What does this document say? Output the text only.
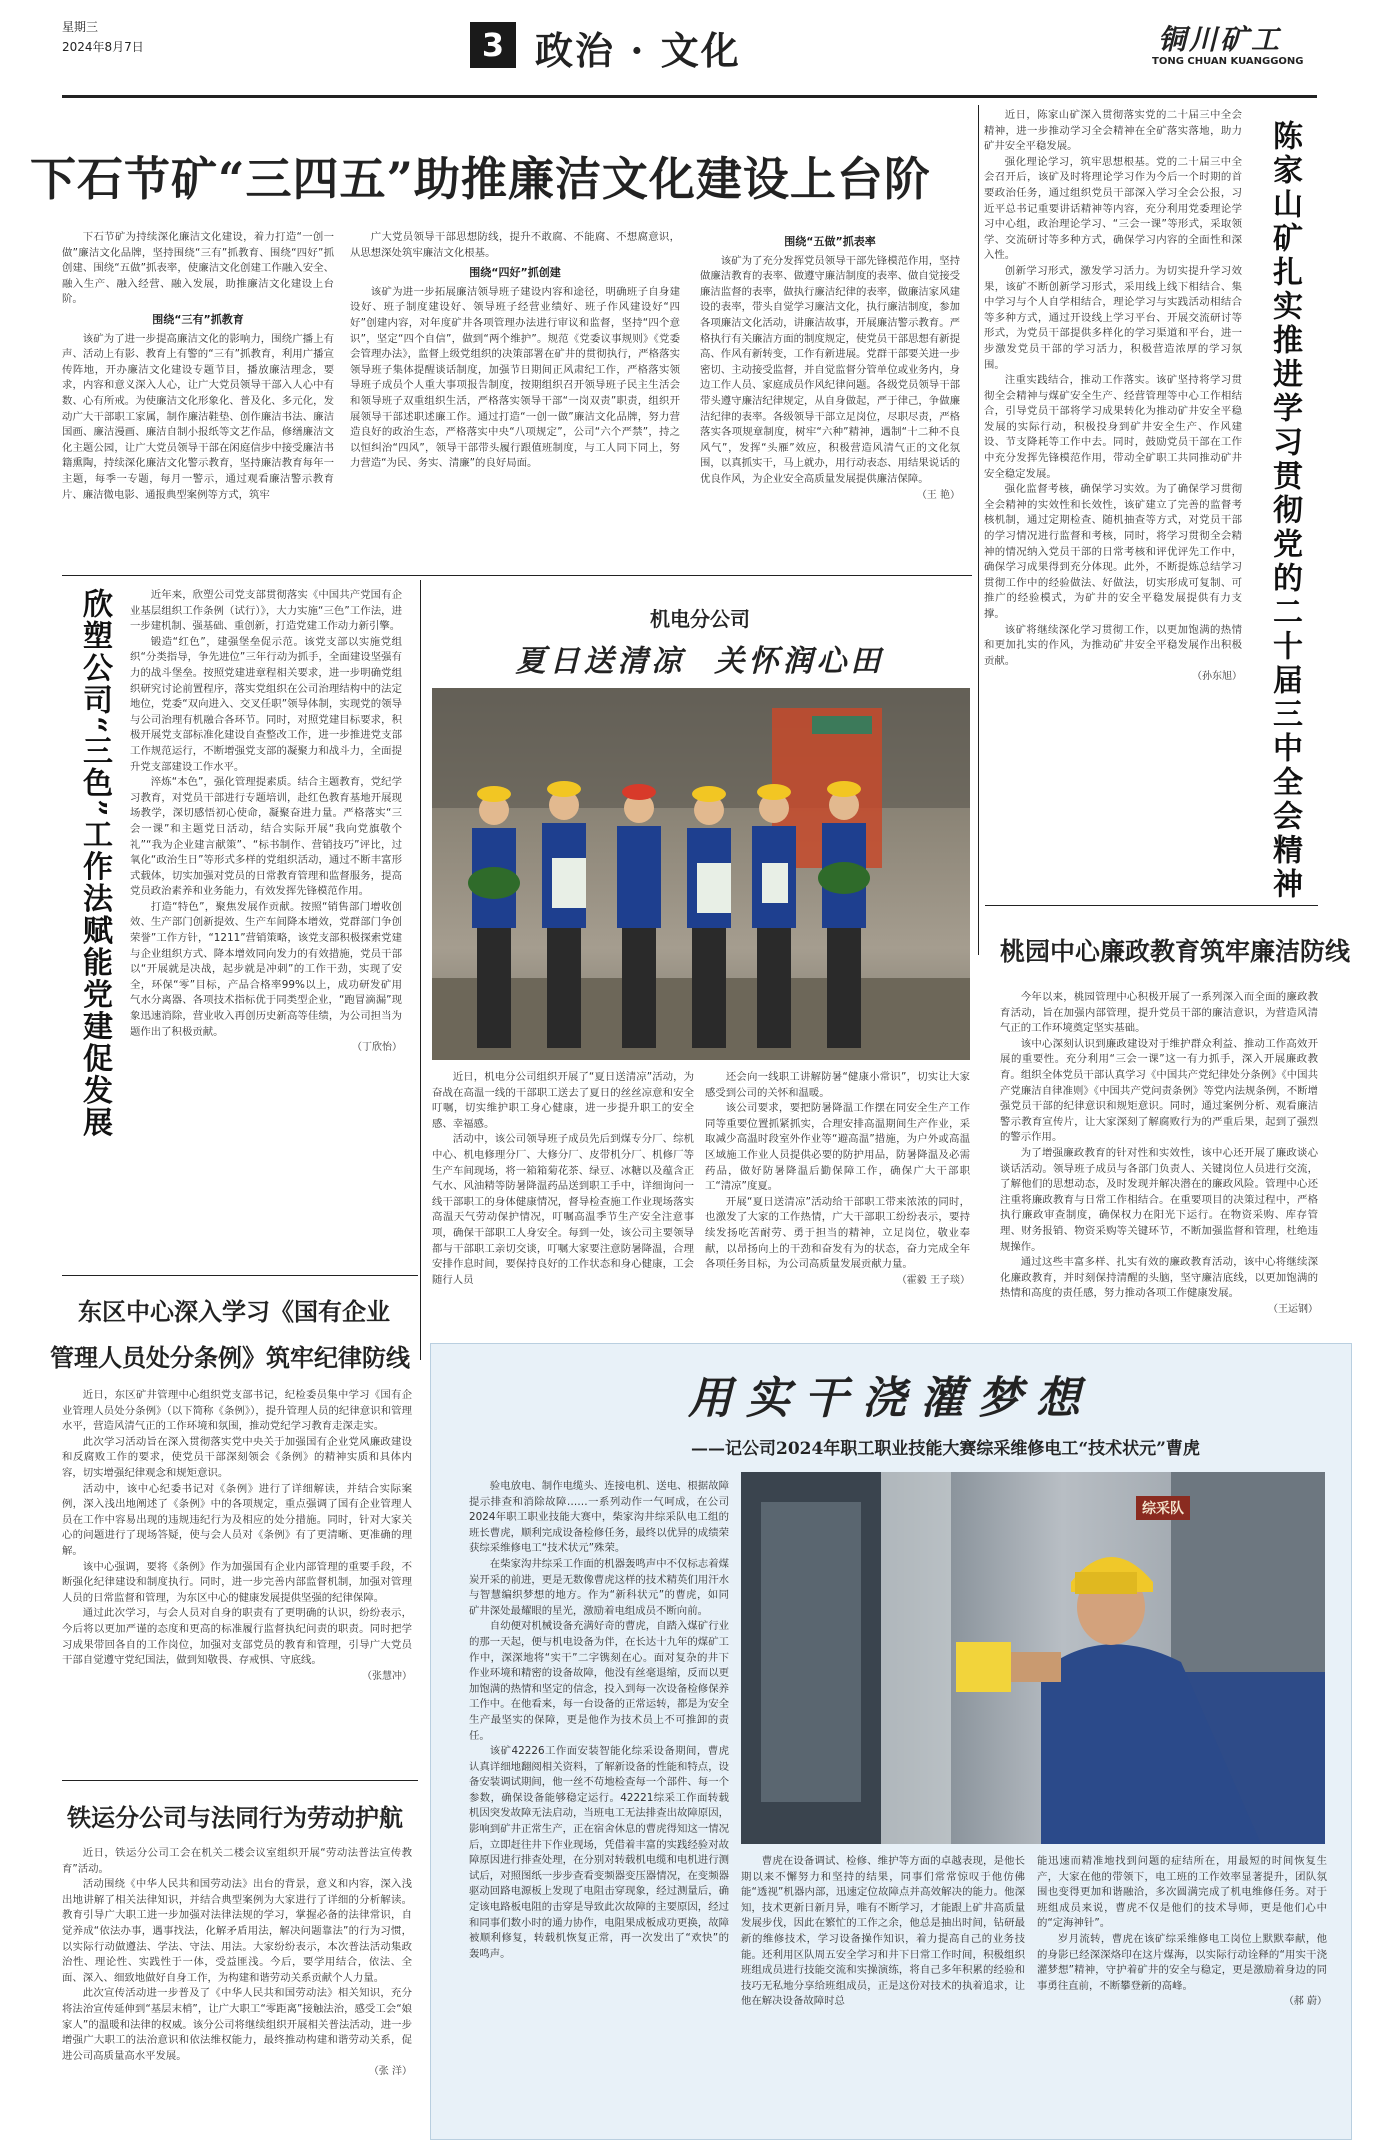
星期三
2024年8月7日	3 政治 · 文化	铜川矿工
TONG CHUAN KUANGGONG
下石节矿“三四五”助推廉洁文化建设上台阶

下石节矿为持续深化廉洁文化建设，着力打造“一创一做”廉洁文化品牌，坚持围绕“三有”抓教育、围绕“四好”抓创建、围绕“五做”抓表率，使廉洁文化创建工作融入安全、融入生产、融入经营、融入发展，助推廉洁文化建设上台阶。

围绕“三有”抓教育

该矿为了进一步提高廉洁文化的影响力，围绕广播上有声、活动上有影、教育上有警的“三有”抓教育，利用广播宣传阵地，开办廉洁文化建设专题节目，播放廉洁理念，要求，内容和意义深入人心，让广大党员领导干部入人心中有数、心有所戒。为使廉洁文化形象化、普及化、多元化，发动广大干部职工家属，制作廉洁鞋垫、创作廉洁书法、廉洁国画、廉洁漫画、廉洁自制小报纸等文艺作品，修缮廉洁文化主题公园，让广大党员领导干部在闲庭信步中接受廉洁书籍熏陶，持续深化廉洁文化警示教育，坚持廉洁教育每年一主题，每季一专题，每月一警示，通过观看廉洁警示教育片、廉洁微电影、通报典型案例等方式，筑牢

广大党员领导干部思想防线，提升不敢腐、不能腐、不想腐意识，从思想深处筑牢廉洁文化根基。

围绕“四好”抓创建

该矿为进一步拓展廉洁领导班子建设内容和途径，明确班子自身建设好、班子制度建设好、领导班子经营业绩好、班子作风建设好“四好”创建内容，对年度矿井各项管理办法进行审议和监督，坚持“四个意识”，坚定“四个自信”，做到“两个维护”。规范《党委议事规则》《党委会管理办法》，监督上级党组织的决策部署在矿井的贯彻执行，严格落实领导班子集体提醒谈话制度，加强节日期间正风肃纪工作，严格落实领导班子成员个人重大事项报告制度，按期组织召开领导班子民主生活会和领导班子双重组织生活，严格落实领导干部“一岗双责”职责，组织开展领导干部述职述廉工作。通过打造“一创一做”廉洁文化品牌，努力营造良好的政治生态，严格落实中央“八项规定”，公司“六个严禁”，持之以恒纠治“四风”，领导干部带头履行跟值班制度，与工人同下同上，努力营造“为民、务实、清廉”的良好局面。

围绕“五做”抓表率

该矿为了充分发挥党员领导干部先锋模范作用，坚持做廉洁教育的表率、做遵守廉洁制度的表率、做自觉接受廉洁监督的表率，做执行廉洁纪律的表率，做廉洁家风建设的表率，带头自觉学习廉洁文化，执行廉洁制度，参加各项廉洁文化活动，讲廉洁故事，开展廉洁警示教育。严格执行有关廉洁方面的制度规定，使党员干部思想有新提高、作风有新转变，工作有新进展。党群干部要关进一步密切、主动接受监督，并自觉监督分管单位或业务内，身边工作人员、家庭成员作风纪律问题。各级党员领导干部带头遵守廉洁纪律规定，从自身做起，严于律己，争做廉洁纪律的表率。各级领导干部立足岗位，尽职尽责，严格落实各项规章制度，树牢“六种”精神，遇制“十二种不良风气”，发挥“头雁”效应，积极营造风清气正的文化氛围，以真抓实干，马上就办，用行动表态、用结果说话的优良作风，为企业安全高质量发展提供廉洁保障。

（王 艳）

近日，陈家山矿深入贯彻落实党的二十届三中全会精神，进一步推动学习全会精神在全矿落实落地，助力矿井安全平稳发展。

强化理论学习，筑牢思想根基。党的二十届三中全会召开后，该矿及时将理论学习作为今后一个时期的首要政治任务，通过组织党员干部深入学习全会公报，习近平总书记重要讲话精神等内容，充分利用党委理论学习中心组，政治理论学习、“三会一课”等形式，采取领学、交流研讨等多种方式，确保学习内容的全面性和深入性。

创新学习形式，激发学习活力。为切实提升学习效果，该矿不断创新学习形式，采用线上线下相结合、集中学习与个人自学相结合，理论学习与实践活动相结合等多种方式，通过开设线上学习平台、开展交流研讨等形式，为党员干部提供多样化的学习渠道和平台，进一步激发党员干部的学习活力，积极营造浓厚的学习氛围。

注重实践结合，推动工作落实。该矿坚持将学习贯彻全会精神与煤矿安全生产、经营管理等中心工作相结合，引导党员干部将学习成果转化为推动矿井安全平稳发展的实际行动，积极投身到矿井安全生产、作风建设、节支降耗等工作中去。同时，鼓励党员干部在工作中充分发挥先锋模范作用，带动全矿职工共同推动矿井安全稳定发展。

强化监督考核，确保学习实效。为了确保学习贯彻全会精神的实效性和长效性，该矿建立了完善的监督考核机制，通过定期检查、随机抽查等方式，对党员干部的学习情况进行监督和考核，同时，将学习贯彻全会精神的情况纳入党员干部的日常考核和评优评先工作中，确保学习成果得到充分体现。此外，不断提炼总结学习贯彻工作中的经验做法、好做法，切实形成可复制、可推广的经验模式，为矿井的安全平稳发展提供有力支撑。

该矿将继续深化学习贯彻工作，以更加饱满的热情和更加扎实的作风，为推动矿井安全平稳发展作出积极贡献。

（孙东旭） 陈家山矿扎实推进学习贯彻党的二十届三中全会精神
欣塑公司“三色”工作法赋能党建促发展	近年来，欣塑公司党支部贯彻落实《中国共产党国有企业基层组织工作条例（试行）》，大力实施“三色”工作法，进一步建机制、强基础、重创新，打造党建工作动力新引擎。

锻造“红色”，建强堡垒促示范。该党支部以实施党组织“分类指导，争先进位”三年行动为抓手，全面建设坚强有力的战斗堡垒。按照党建进章程相关要求，进一步明确党组织研究讨论前置程序，落实党组织在公司治理结构中的法定地位，党委“双向进入、交叉任职”领导体制，实现党的领导与公司治理有机融合各环节。同时，对照党建目标要求，积极开展党支部标准化建设自查整改工作，进一步推进党支部工作规范运行，不断增强党支部的凝聚力和战斗力，全面提升党支部建设工作水平。

淬炼“本色”，强化管理提素质。结合主题教育，党纪学习教育，对党员干部进行专题培训，赴红色教育基地开展现场教学，深切感悟初心使命，凝聚奋进力量。严格落实“三会一课”和主题党日活动，结合实际开展“我向党旗敬个礼”“我为企业建言献策”、“标书制作、营销技巧”评比，过氧化“政治生日”等形式多样的党组织活动，通过不断丰富形式载体，切实加强对党员的日常教育管理和监督服务，提高党员政治素养和业务能力，有效发挥先锋模范作用。

打造“特色”，聚焦发展作贡献。按照“销售部门增收创效、生产部门创新提效、生产车间降本增效，党群部门争创荣誉”工作方针，“1211”营销策略，该党支部积极探索党建与企业组织方式、降本增效同向发力的有效措施，党员干部以“开展就是决战，起步就是冲刺”的工作干劲，实现了安全，环保“零”目标，产品合格率99%以上，成功研发矿用气水分离器、各项技术指标优于同类型企业，“跑冒滴漏”现象迅速消除，营业收入再创历史新高等佳绩，为公司担当为题作出了积极贡献。

（丁欣怡）
机电分公司
夏日送清凉  关怀润心田

近日，机电分公司组织开展了“夏日送清凉”活动，为奋战在高温一线的干部职工送去了夏日的丝丝凉意和安全叮嘱，切实维护职工身心健康，进一步提升职工的安全感、幸福感。

活动中，该公司领导班子成员先后到煤专分厂、综机中心、机电修理分厂、大修分厂、皮带机分厂、机修厂等生产车间现场，将一箱箱菊花茶、绿豆、冰糖以及蕴含正气水、风油精等防暑降温药品送到职工手中，详细询问一线干部职工的身体健康情况，督导检查施工作业现场落实高温天气劳动保护情况，叮嘱高温季节生产安全注意事项，确保干部职工人身安全。每到一处，该公司主要领导都与干部职工亲切交谈，叮嘱大家要注意防暑降温，合理安排作息时间，要保持良好的工作状态和身心健康，工会随行人员

还会向一线职工讲解防暑“健康小常识”，切实让大家感受到公司的关怀和温暖。

该公司要求，要把防暑降温工作摆在同安全生产工作同等重要位置抓紧抓实，合理安排高温期间生产作业，采取减少高温时段室外作业等“避高温”措施，为户外或高温区域施工作业人员提供必要的防护用品，防暑降温及必需药品，做好防暑降温后勤保障工作，确保广大干部职工“清凉”度夏。

开展“夏日送清凉”活动给干部职工带来浓浓的同时，也激发了大家的工作热情，广大干部职工纷纷表示，要持续发扬吃苦耐劳、勇于担当的精神，立足岗位，敬业奉献，以昂扬向上的干劲和奋发有为的状态，奋力完成全年各项任务目标，为公司高质量发展贡献力量。

（霍毅 王子琰）
桃园中心廉政教育筑牢廉洁防线

今年以来，桃园管理中心积极开展了一系列深入而全面的廉政教育活动，旨在加强内部管理，提升党员干部的廉洁意识，为营造风清气正的工作环境奠定坚实基础。

该中心深刻认识到廉政建设对于维护群众利益、推动工作高效开展的重要性。充分利用“三会一课”这一有力抓手，深入开展廉政教育。组织全体党员干部认真学习《中国共产党纪律处分条例》《中国共产党廉洁自律准则》《中国共产党问责条例》等党内法规条例，不断增强党员干部的纪律意识和规矩意识。同时，通过案例分析、观看廉洁警示教育宣传片，让大家深刻了解腐败行为的严重后果，起到了强烈的警示作用。

为了增强廉政教育的针对性和实效性，该中心还开展了廉政谈心谈话活动。领导班子成员与各部门负责人、关键岗位人员进行交流，了解他们的思想动态，及时发现并解决潜在的廉政风险。管理中心还注重将廉政教育与日常工作相结合。在重要项目的决策过程中，严格执行廉政审查制度，确保权力在阳光下运行。在物资采购、库存管理、财务报销、物资采购等关键环节，不断加强监督和管理，杜绝违规操作。

通过这些丰富多样、扎实有效的廉政教育活动，该中心将继续深化廉政教育，并时刻保持清醒的头脑，坚守廉洁底线，以更加饱满的热情和高度的责任感，努力推动各项工作健康发展。

（王运钢）
东区中心深入学习《国有企业
管理人员处分条例》筑牢纪律防线

近日，东区矿井管理中心组织党支部书记，纪检委员集中学习《国有企业管理人员处分条例》（以下简称《条例》），提升管理人员的纪律意识和管理水平，营造风清气正的工作环境和氛围，推动党纪学习教育走深走实。

此次学习活动旨在深入贯彻落实党中央关于加强国有企业党风廉政建设和反腐败工作的要求，使党员干部深刻领会《条例》的精神实质和具体内容，切实增强纪律观念和规矩意识。

活动中，该中心纪委书记对《条例》进行了详细解读，并结合实际案例，深入浅出地阐述了《条例》中的各项规定，重点强调了国有企业管理人员在工作中容易出现的违规违纪行为及相应的处分措施。同时，针对大家关心的问题进行了现场答疑，使与会人员对《条例》有了更清晰、更准确的理解。

该中心强调，要将《条例》作为加强国有企业内部管理的重要手段，不断强化纪律建设和制度执行。同时，进一步完善内部监督机制，加强对管理人员的日常监督和管理，为东区中心的健康发展提供坚强的纪律保障。

通过此次学习，与会人员对自身的职责有了更明确的认识，纷纷表示，今后将以更加严谨的态度和更高的标准履行监督执纪问责的职责。同时把学习成果带回各自的工作岗位，加强对支部党员的教育和管理，引导广大党员干部自觉遵守党纪国法，做到知敬畏、存戒惧、守底线。

（张慧冲）
铁运分公司与法同行为劳动护航

近日，铁运分公司工会在机关二楼会议室组织开展“劳动法普法宣传教育”活动。

活动围绕《中华人民共和国劳动法》出台的背景，意义和内容，深入浅出地讲解了相关法律知识，并结合典型案例为大家进行了详细的分析解读。教育引导广大职工进一步加强对法律法规的学习，掌握必备的法律常识，自觉养成“依法办事，遇事找法，化解矛盾用法，解决问题靠法”的行为习惯，以实际行动做遵法、学法、守法、用法。大家纷纷表示，本次普法活动集政治性、理论性、实践性于一体，受益匪浅。今后，要学用结合，依法、全面、深入、细致地做好自身工作，为构建和谐劳动关系贡献个人力量。

此次宣传活动进一步普及了《中华人民共和国劳动法》相关知识，充分将法治宣传延伸到“基层末梢”，让广大职工“零距离”接触法治，感受工会“娘家人”的温暖和法律的权威。该分公司将继续组织开展相关普法活动，进一步增强广大职工的法治意识和依法维权能力，最终推动构建和谐劳动关系，促进公司高质量高水平发展。

（张 洋）
用实干浇灌梦想
——记公司2024年职工职业技能大赛综采维修电工“技术状元”曹虎

验电放电、制作电缆头、连接电机、送电、根据故障提示排查和消除故障……一系列动作一气呵成，在公司2024年职工职业技能大赛中，柴家沟井综采队电工组的班长曹虎，顺利完成设备检修任务，最终以优异的成绩荣获综采维修电工“技术状元”殊荣。

在柴家沟井综采工作面的机器轰鸣声中不仅标志着煤炭开采的前进，更是无数像曹虎这样的技术精英们用汗水与智慧编织梦想的地方。作为“新科状元”的曹虎，如同矿井深处最耀眼的星光，激励着电组成员不断向前。

自幼便对机械设备充满好奇的曹虎，自踏入煤矿行业的那一天起，便与机电设备为伴，在长达十九年的煤矿工作中，深深地将“实干”二字镌刻在心。面对复杂的井下作业环境和精密的设备故障，他没有丝毫退缩，反而以更加饱满的热情和坚定的信念，投入到每一次设备检修保养工作中。在他看来，每一台设备的正常运转，都是为安全生产最坚实的保障，更是他作为技术员上不可推卸的责任。

该矿42226工作面安装智能化综采设备期间，曹虎认真详细地翻阅相关资料，了解新设备的性能和特点，设备安装调试期间，他一丝不苟地检查每一个部件、每一个参数，确保设备能够稳定运行。42221综采工作面转载机因突发故障无法启动，当班电工无法排查出故障原因，影响到矿井正常生产，正在宿舍休息的曹虎得知这一情况后，立即赶往井下作业现场，凭借着丰富的实践经验对故障原因进行排查处理，在分别对转载机电缆和电机进行测试后，对照图纸一步步查看变频器变压器情况，在变频器驱动回路电源板上发现了电阻击穿现象，经过测量后，确定该电路板电阻的击穿是导致此次故障的主要原因，经过和同事们数小时的通力协作，电阻果成板成功更换，故障被顺利修复，转载机恢复正常，再一次发出了“欢快”的轰鸣声。

综采队

曹虎在设备调试、检修、维护等方面的卓越表现，是他长期以来不懈努力和坚持的结果，同事们常常惊叹于他仿佛能“透视”机器内部，迅速定位故障点并高效解决的能力。他深知，技术更新日新月异，唯有不断学习，才能跟上矿井高质量发展步伐，因此在繁忙的工作之余，他总是抽出时间，钻研最新的维修技术，学习设备操作知识，着力提高自己的业务技能。还利用区队周五安全学习和井下日常工作时间，积极组织班组成员进行技能交流和实操演练，将自己多年积累的经验和技巧无私地分享给班组成员，正是这份对技术的执着追求，让他在解决设备故障时总

能迅速而精准地找到问题的症结所在，用最短的时间恢复生产，大家在他的带领下，电工班的工作效率显著提升，团队氛围也变得更加和谐融洽，多次圆满完成了机电维修任务。对于班组成员来说，曹虎不仅是他们的技术导师，更是他们心中的“定海神针”。

岁月流转，曹虎在该矿综采维修电工岗位上默默奉献，他的身影已经深深烙印在这片煤海，以实际行动诠释的“用实干浇灌梦想”精神，守护着矿井的安全与稳定，更是激励着身边的同事勇往直前，不断攀登新的高峰。

（郝 蔚）
